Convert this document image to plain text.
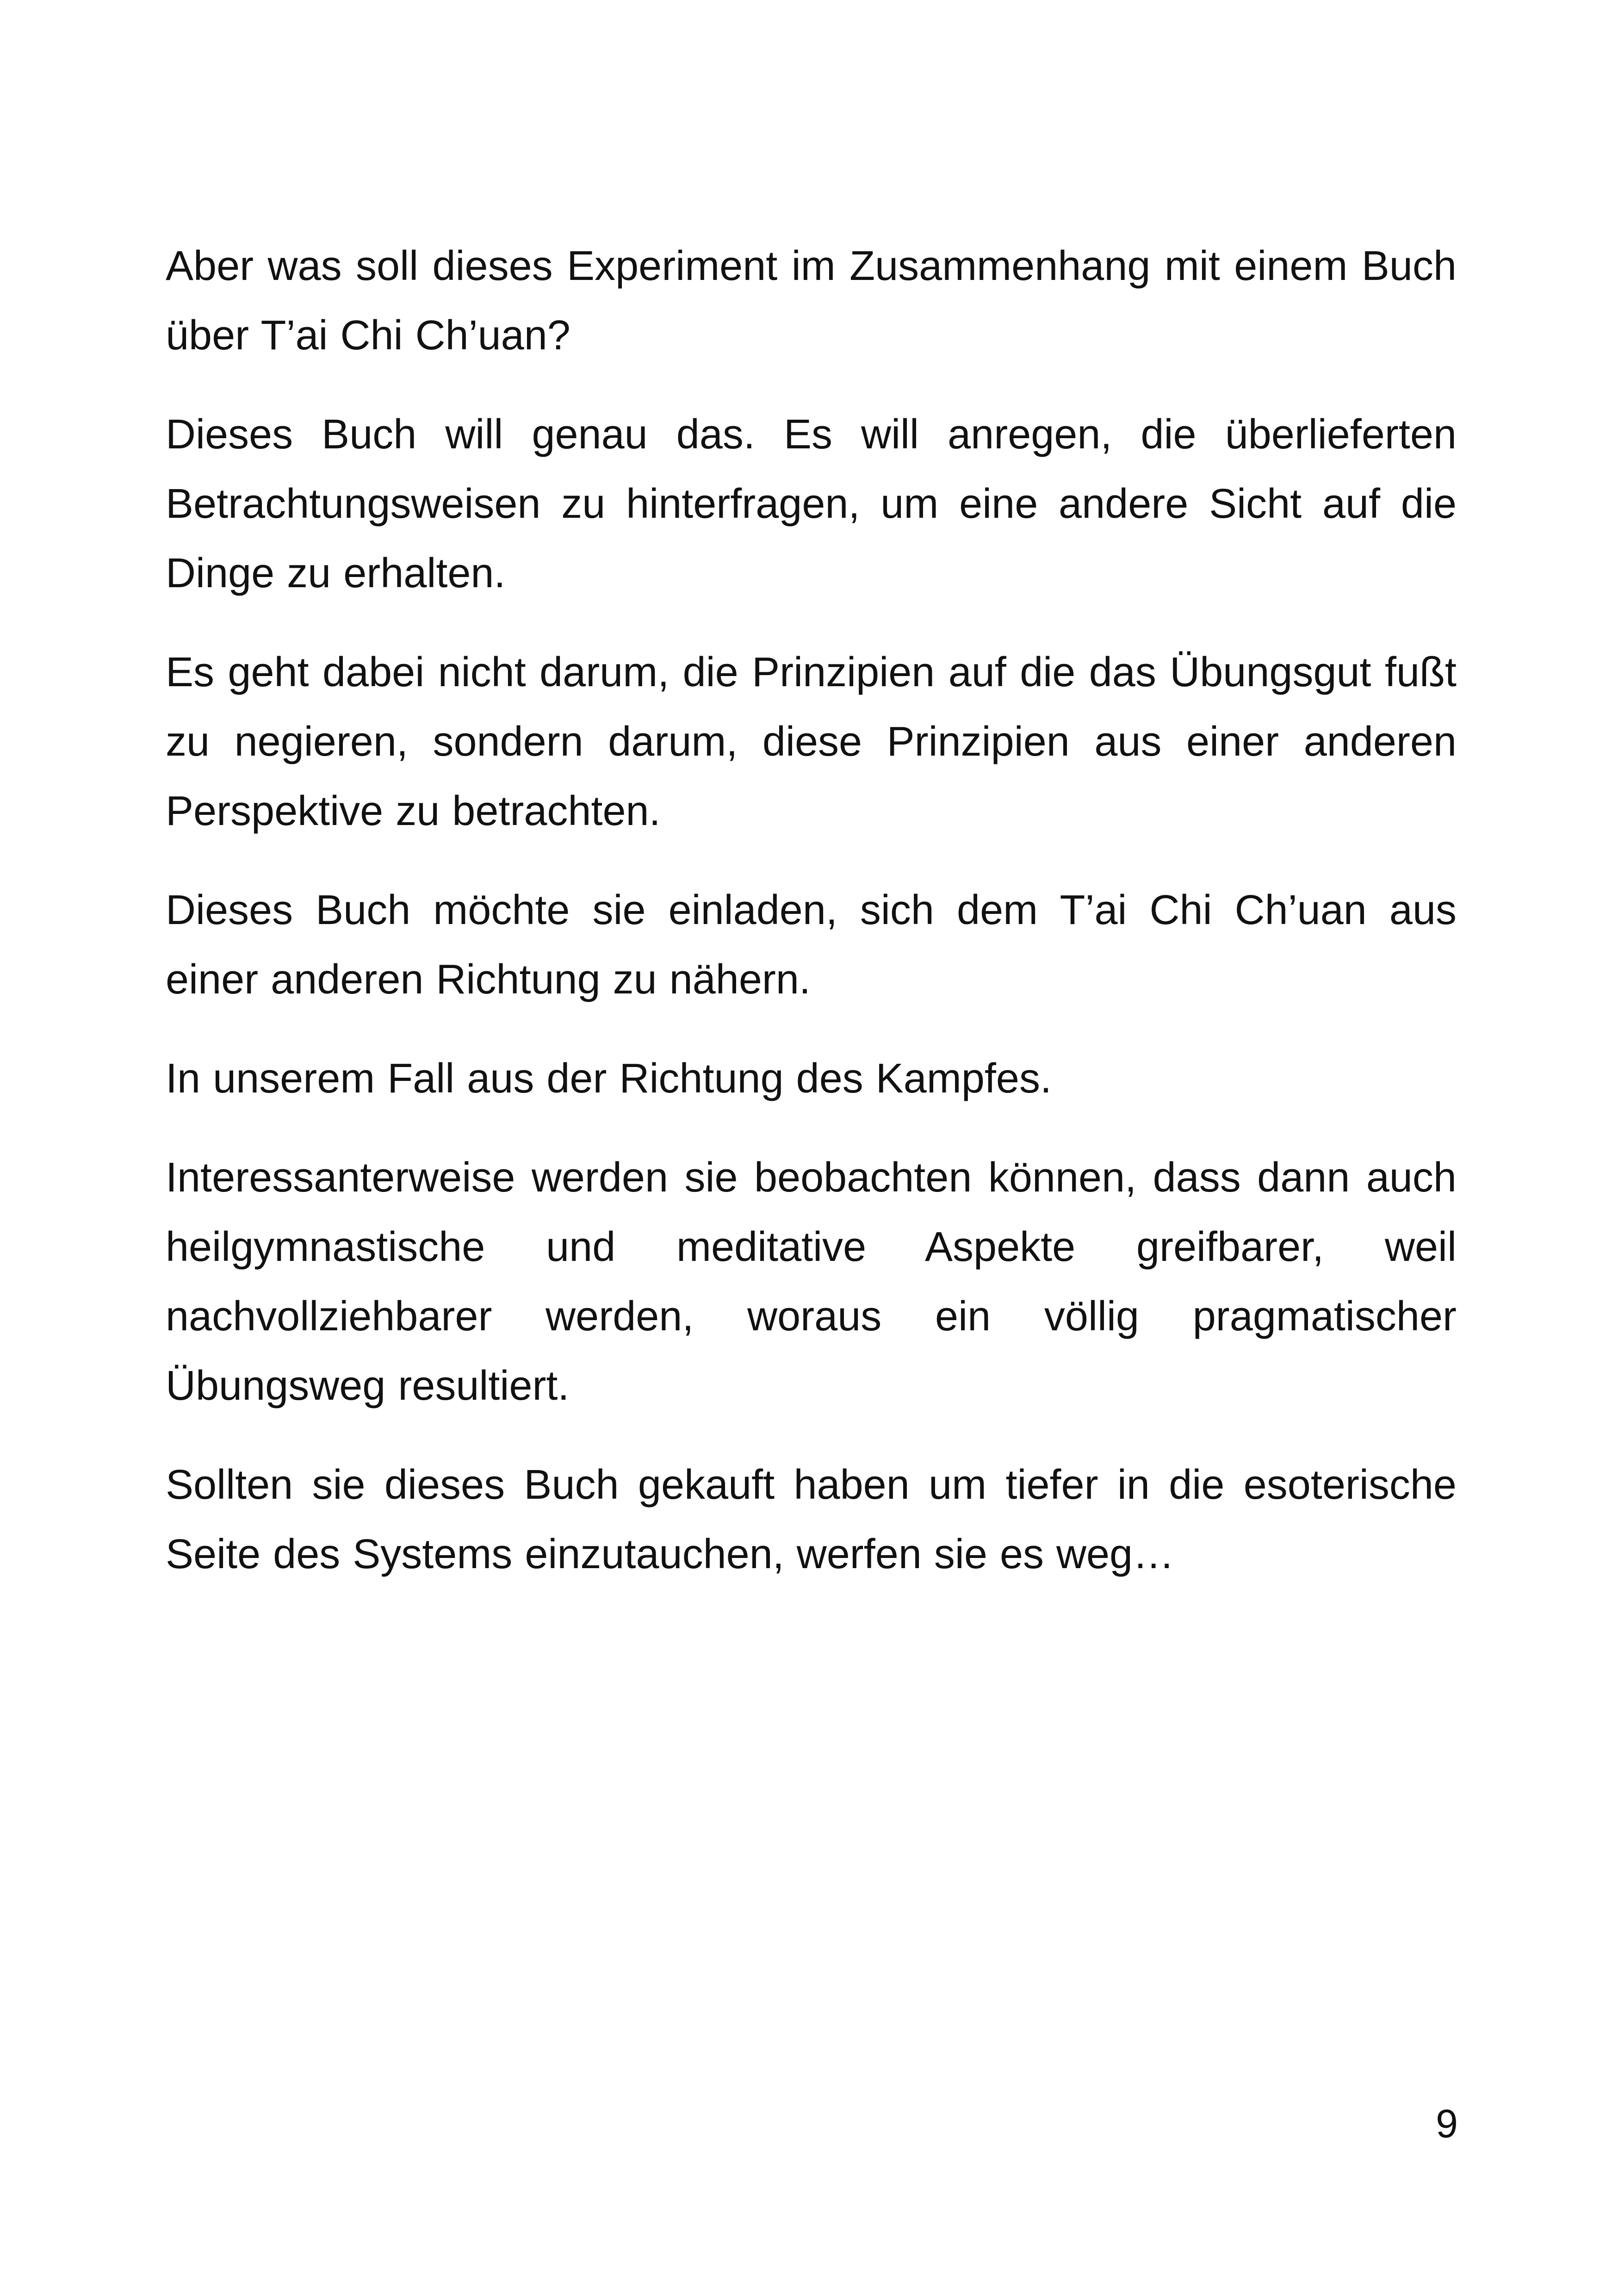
Aber was soll dieses Experiment im Zusammenhang mit einem Buch über T’ai Chi Ch’uan?

Dieses Buch will genau das. Es will anregen, die überlieferten Betrachtungsweisen zu hinterfragen, um eine andere Sicht auf die Dinge zu erhalten.

Es geht dabei nicht darum, die Prinzipien auf die das Übungsgut fußt zu negieren, sondern darum, diese Prinzipien aus einer anderen Perspektive zu betrachten.

Dieses Buch möchte sie einladen, sich dem T’ai Chi Ch’uan aus einer anderen Richtung zu nähern.

In unserem Fall aus der Richtung des Kampfes.

Interessanterweise werden sie beobachten können, dass dann auch heilgymnastische und meditative Aspekte greifbarer, weil nachvollziehbarer werden, woraus ein völlig pragmatischer Übungsweg resultiert.

Sollten sie dieses Buch gekauft haben um tiefer in die esoterische Seite des Systems einzutauchen, werfen sie es weg…

9
